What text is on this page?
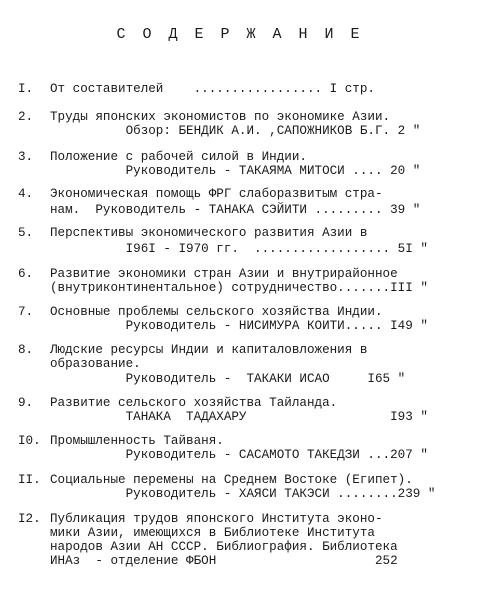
С О Д Е Р Ж А Н И Е
I. От составителей    ................. I стр.
2. Труды японских экономистов по экономике Азии.
Обзор: БЕНДИК А.И. ,САПОЖНИКОВ Б.Г. 2 "
3. Положение с рабочей силой в Индии.
Руководитель - ТАКАЯМА МИТОСИ .... 20 "
4. Экономическая помощь ФРГ слаборазвитым стра-
нам.  Руководитель - ТАНАКА СЭЙИТИ ......... 39 "
5. Перспективы экономического развития Азии в
I96I - I970 гг.  .................. 5I "
6. Развитие экономики стран Азии и внутрирайонное
(внутриконтинентальное) сотрудничество.......III "
7. Основные проблемы сельского хозяйства Индии.
Руководитель - НИСИМУРА КОИТИ..... I49 "
8. Людские ресурсы Индии и капиталовложения в
образование.
Руководитель -  ТАКАКИ ИСАО     I65 "
9. Развитие сельского хозяйства Тайланда.
ТАНАКА  ТАДАХАРУ                   I93 "
I0. Промышленность Тайваня.
Руководитель - САСАМОТО ТАКЕДЗИ ...207 "
II. Социальные перемены на Среднем Востоке (Египет).
Руководитель - ХАЯСИ ТАКЭСИ ........239 "
I2. Публикация трудов японского Института эконо-
мики Азии, имеющихся в Библиотеке Института
народов Азии АН СССР. Библиография. Библиотека
ИНАз  - отделение ФБОН                     252
